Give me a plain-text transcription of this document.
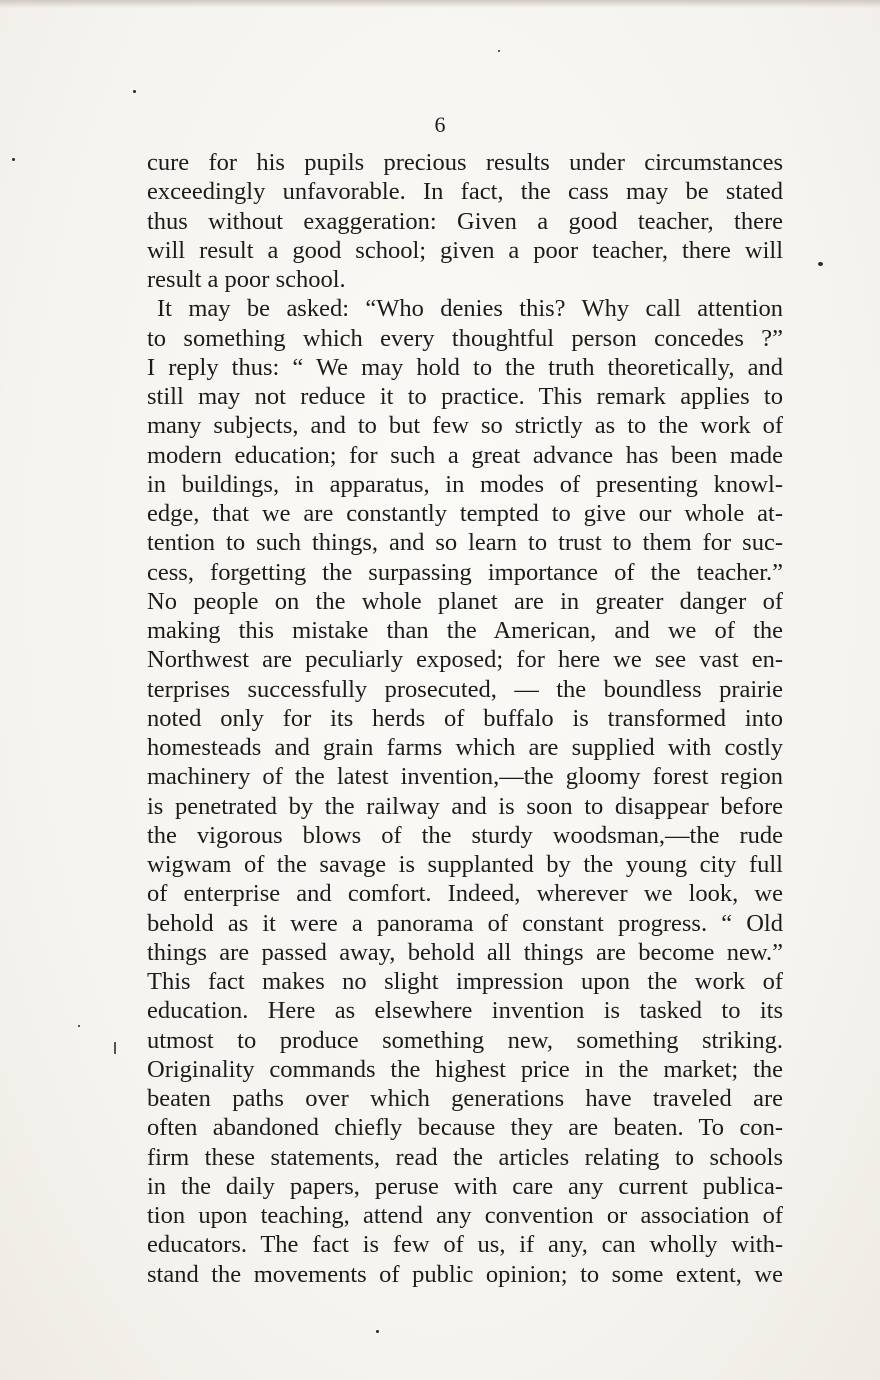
6
cure for his pupils precious results under circumstances
exceedingly unfavorable. In fact, the cass may be stated
thus without exaggeration: Given a good teacher, there
will result a good school; given a poor teacher, there will
result a poor school.
It may be asked: “Who denies this? Why call attention
to something which every thoughtful person concedes ?”
I reply thus: “ We may hold to the truth theoretically, and
still may not reduce it to practice. This remark applies to
many subjects, and to but few so strictly as to the work of
modern education; for such a great advance has been made
in buildings, in apparatus, in modes of presenting knowl-
edge, that we are constantly tempted to give our whole at-
tention to such things, and so learn to trust to them for suc-
cess, forgetting the surpassing importance of the teacher.”
No people on the whole planet are in greater danger of
making this mistake than the American, and we of the
Northwest are peculiarly exposed; for here we see vast en-
terprises successfully prosecuted, — the boundless prairie
noted only for its herds of buffalo is transformed into
homesteads and grain farms which are supplied with costly
machinery of the latest invention,—the gloomy forest region
is penetrated by the railway and is soon to disappear before
the vigorous blows of the sturdy woodsman,—the rude
wigwam of the savage is supplanted by the young city full
of enterprise and comfort. Indeed, wherever we look, we
behold as it were a panorama of constant progress. “ Old
things are passed away, behold all things are become new.”
This fact makes no slight impression upon the work of
education. Here as elsewhere invention is tasked to its
utmost to produce something new, something striking.
Originality commands the highest price in the market; the
beaten paths over which generations have traveled are
often abandoned chiefly because they are beaten. To con-
firm these statements, read the articles relating to schools
in the daily papers, peruse with care any current publica-
tion upon teaching, attend any convention or association of
educators. The fact is few of us, if any, can wholly with-
stand the movements of public opinion; to some extent, we
